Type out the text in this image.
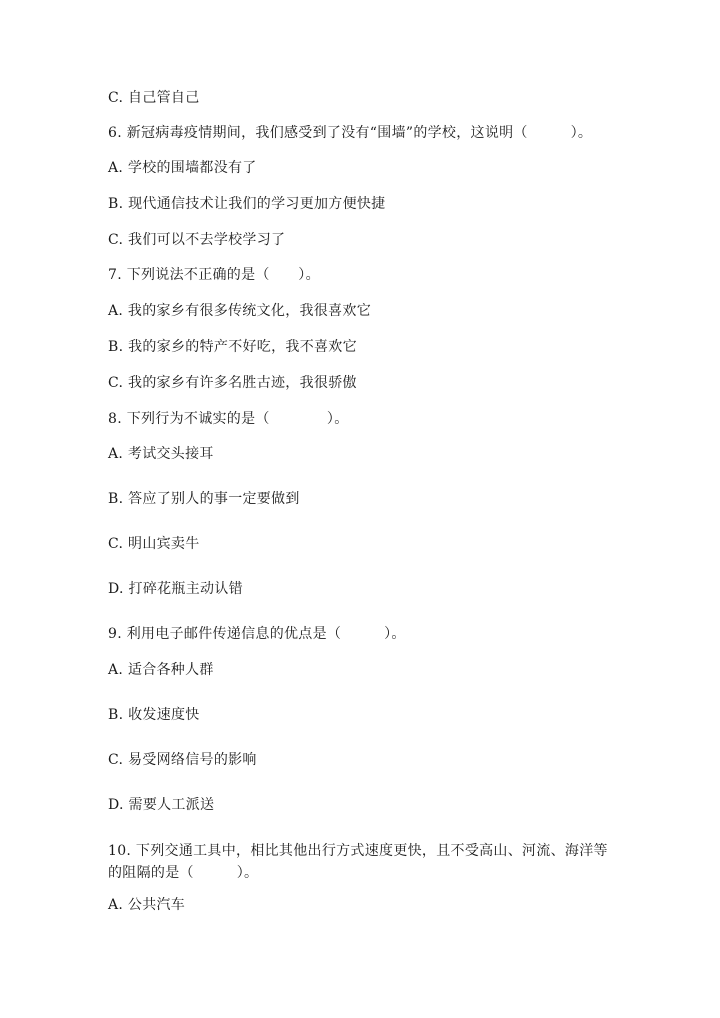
C. 自己管自己
6. 新冠病毒疫情期间，我们感受到了没有“围墙”的学校，这说明（　　　）。
A. 学校的围墙都没有了
B. 现代通信技术让我们的学习更加方便快捷
C. 我们可以不去学校学习了
7. 下列说法不正确的是（　　）。
A. 我的家乡有很多传统文化，我很喜欢它
B. 我的家乡的特产不好吃，我不喜欢它
C. 我的家乡有许多名胜古迹，我很骄傲
8. 下列行为不诚实的是（　　　　）。
A. 考试交头接耳
B. 答应了别人的事一定要做到
C. 明山宾卖牛
D. 打碎花瓶主动认错
9. 利用电子邮件传递信息的优点是（　　　）。
A. 适合各种人群
B. 收发速度快
C. 易受网络信号的影响
D. 需要人工派送
10. 下列交通工具中，相比其他出行方式速度更快，且不受高山、河流、海洋等的阻隔的是（　　　）。
A. 公共汽车
